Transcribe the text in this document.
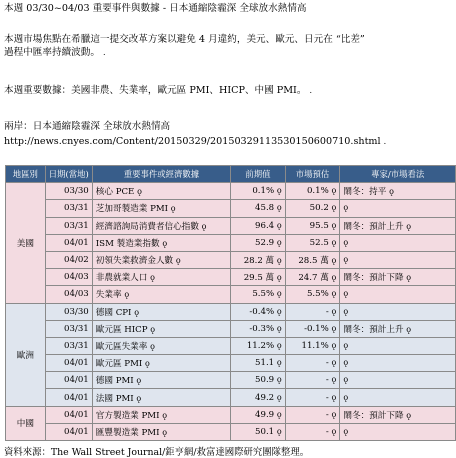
本週 03/30~04/03 重要事件與數據 - 日本通縮陰霾深 全球放水熱情高
本週市場焦點在希臘這一提交改革方案以避免 4 月違約，美元、歐元、日元在 “比差”
過程中匯率持續波動。 .
本週重要數據：美國非農、失業率，歐元區 PMI、HICP、中國 PMI。 .
兩岸：日本通縮陰霾深 全球放水熱情高
http://news.cnyes.com/Content/20150329/20150329113530150600710.shtml .
地區別	日期(當地)	重要事件或經濟數據	前期值	市場預估	專家/市場看法
美國	03/30	核心 PCE ǫ	0.1% ǫ	0.1% ǫ	鬧冬：持平 ǫ
	03/31	芝加哥製造業 PMI ǫ	45.8 ǫ	50.2 ǫ	ǫ
	03/31	經濟諮詢局消費者信心指數 ǫ	96.4 ǫ	95.5 ǫ	鬧冬：預計上升 ǫ
	04/01	ISM 製造業指數 ǫ	52.9 ǫ	52.5 ǫ	ǫ
	04/02	初領失業救濟金人數 ǫ	28.2 萬 ǫ	28.5 萬 ǫ	ǫ
	04/03	非農就業人口 ǫ	29.5 萬 ǫ	24.7 萬 ǫ	鬧冬：預計下降 ǫ
	04/03	失業率 ǫ	5.5% ǫ	5.5% ǫ	ǫ
歐洲	03/30	德國 CPI ǫ	-0.4% ǫ	- ǫ	ǫ
	03/31	歐元區 HICP ǫ	-0.3% ǫ	-0.1% ǫ	鬧冬：預計上升 ǫ
	03/31	歐元區失業率 ǫ	11.2% ǫ	11.1% ǫ	ǫ
	04/01	歐元區 PMI ǫ	51.1 ǫ	- ǫ	ǫ
	04/01	德國 PMI ǫ	50.9 ǫ	- ǫ	ǫ
	04/01	法國 PMI ǫ	49.2 ǫ	- ǫ	ǫ
中國	04/01	官方製造業 PMI ǫ	49.9 ǫ	- ǫ	鬧冬：預計下降 ǫ
	04/01	匯豐製造業 PMI ǫ	50.1 ǫ	- ǫ	ǫ
資料來源：The Wall Street Journal/鉅亨網/救富達國際研究團隊整理。
